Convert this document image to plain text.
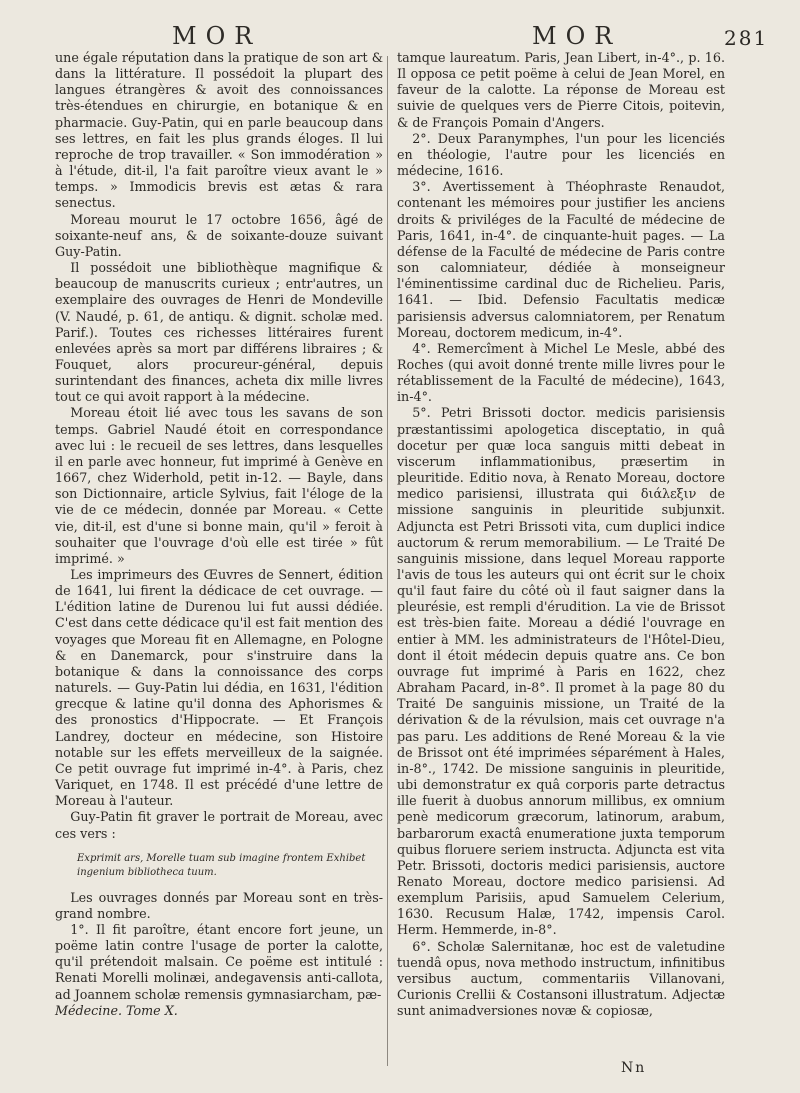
MOR	MOR	281

une égale réputation dans la pratique de son art & dans la littérature. Il possédoit la plupart des langues étrangères & avoit des connoissances très-étendues en chirurgie, en botanique & en pharmacie. Guy-Patin, qui en parle beaucoup dans ses lettres, en fait les plus grands éloges. Il lui reproche de trop travailler. « Son immodération » à l'étude, dit-il, l'a fait paroître vieux avant le » temps. » Immodicis brevis est ætas & rara senectus.

Moreau mourut le 17 octobre 1656, âgé de soixante-neuf ans, & de soixante-douze suivant Guy-Patin.

Il possédoit une bibliothèque magnifique & beaucoup de manuscrits curieux ; entr'autres, un exemplaire des ouvrages de Henri de Mondeville (V. Naudé, p. 61, de antiqu. & dignit. scholæ med. Parif.). Toutes ces richesses littéraires furent enlevées après sa mort par différens libraires ; & Fouquet, alors procureur-général, depuis surintendant des finances, acheta dix mille livres tout ce qui avoit rapport à la médecine.

Moreau étoit lié avec tous les savans de son temps. Gabriel Naudé étoit en correspondance avec lui : le recueil de ses lettres, dans lesquelles il en parle avec honneur, fut imprimé à Genève en 1667, chez Widerhold, petit in-12. — Bayle, dans son Dictionnaire, article Sylvius, fait l'éloge de la vie de ce médecin, donnée par Moreau. « Cette vie, dit-il, est d'une si bonne main, qu'il » feroit à souhaiter que l'ouvrage d'où elle est tirée » fût imprimé. »

Les imprimeurs des Œuvres de Sennert, édition de 1641, lui firent la dédicace de cet ouvrage. — L'édition latine de Durenou lui fut aussi dédiée. C'est dans cette dédicace qu'il est fait mention des voyages que Moreau fit en Allemagne, en Pologne & en Danemarck, pour s'instruire dans la botanique & dans la connoissance des corps naturels. — Guy-Patin lui dédia, en 1631, l'édition grecque & latine qu'il donna des Aphorismes & des pronostics d'Hippocrate. — Et François Landrey, docteur en médecine, son Histoire notable sur les effets merveilleux de la saignée. Ce petit ouvrage fut imprimé in-4°. à Paris, chez Variquet, en 1748. Il est précédé d'une lettre de Moreau à l'auteur.

Guy-Patin fit graver le portrait de Moreau, avec ces vers :

Exprimit ars, Morelle tuam sub imagine frontem Exhibet ingenium bibliotheca tuum.

Les ouvrages donnés par Moreau sont en très-grand nombre.

1°. Il fit paroître, étant encore fort jeune, un poëme latin contre l'usage de porter la calotte, qu'il prétendoit malsain. Ce poëme est intitulé : Renati Morelli molinæi, andegavensis anti-callota, ad Joannem scholæ remensis gymnasiarcham, pæ-

Médecine. Tome X.

tamque laureatum. Paris, Jean Libert, in-4°., p. 16. Il opposa ce petit poëme à celui de Jean Morel, en faveur de la calotte. La réponse de Moreau est suivie de quelques vers de Pierre Citois, poitevin, & de François Pomain d'Angers.

2°. Deux Paranymphes, l'un pour les licenciés en théologie, l'autre pour les licenciés en médecine, 1616.

3°. Avertissement à Théophraste Renaudot, contenant les mémoires pour justifier les anciens droits & priviléges de la Faculté de médecine de Paris, 1641, in-4°. de cinquante-huit pages. — La défense de la Faculté de médecine de Paris contre son calomniateur, dédiée à monseigneur l'éminentissime cardinal duc de Richelieu. Paris, 1641. — Ibid. Defensio Facultatis medicæ parisiensis adversus calomniatorem, per Renatum Moreau, doctorem medicum, in-4°.

4°. Remercîment à Michel Le Mesle, abbé des Roches (qui avoit donné trente mille livres pour le rétablissement de la Faculté de médecine), 1643, in-4°.

5°. Petri Brissoti doctor. medicis parisiensis præstantissimi apologetica disceptatio, in quâ docetur per quæ loca sanguis mitti debeat in viscerum inflammationibus, præsertim in pleuritide. Editio nova, à Renato Moreau, doctore medico parisiensi, illustrata qui διάλεξιν de missione sanguinis in pleuritide subjunxit. Adjuncta est Petri Brissoti vita, cum duplici indice auctorum & rerum memorabilium. — Le Traité De sanguinis missione, dans lequel Moreau rapporte l'avis de tous les auteurs qui ont écrit sur le choix qu'il faut faire du côté où il faut saigner dans la pleurésie, est rempli d'érudition. La vie de Brissot est très-bien faite. Moreau a dédié l'ouvrage en entier à MM. les administrateurs de l'Hôtel-Dieu, dont il étoit médecin depuis quatre ans. Ce bon ouvrage fut imprimé à Paris en 1622, chez Abraham Pacard, in-8°. Il promet à la page 80 du Traité De sanguinis missione, un Traité de la dérivation & de la révulsion, mais cet ouvrage n'a pas paru. Les additions de René Moreau & la vie de Brissot ont été imprimées séparément à Hales, in-8°., 1742. De missione sanguinis in pleuritide, ubi demonstratur ex quâ corporis parte detractus ille fuerit à duobus annorum millibus, ex omnium penè medicorum græcorum, latinorum, arabum, barbarorum exactâ enumeratione juxta temporum quibus floruere seriem instructa. Adjuncta est vita Petr. Brissoti, doctoris medici parisiensis, auctore Renato Moreau, doctore medico parisiensi. Ad exemplum Parisiis, apud Samuelem Celerium, 1630. Recusum Halæ, 1742, impensis Carol. Herm. Hemmerde, in-8°.

6°. Scholæ Salernitanæ, hoc est de valetudine tuendâ opus, nova methodo instructum, infinitibus versibus auctum, commentariis Villanovani, Curionis Crellii & Costansoni illustratum. Adjectæ sunt animadversiones novæ & copiosæ,

Nn
